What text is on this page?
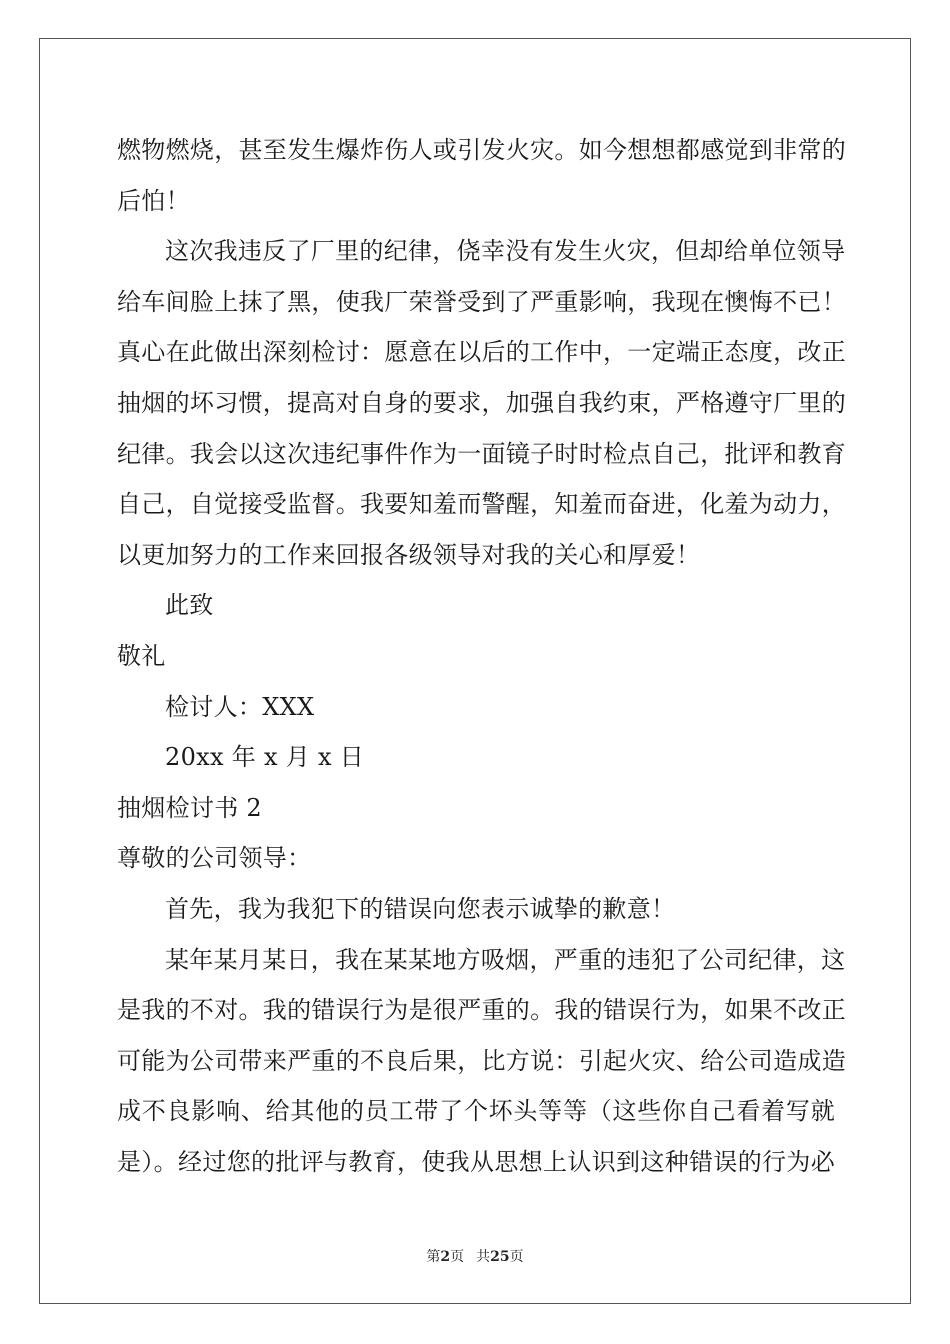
燃物燃烧，甚至发生爆炸伤人或引发火灾。如今想想都感觉到非常的
后怕！
这次我违反了厂里的纪律，侥幸没有发生火灾，但却给单位领导
给车间脸上抹了黑，使我厂荣誉受到了严重影响，我现在懊悔不已！
真心在此做出深刻检讨：愿意在以后的工作中，一定端正态度，改正
抽烟的坏习惯，提高对自身的要求，加强自我约束，严格遵守厂里的
纪律。我会以这次违纪事件作为一面镜子时时检点自己，批评和教育
自己，自觉接受监督。我要知羞而警醒，知羞而奋进，化羞为动力，
以更加努力的工作来回报各级领导对我的关心和厚爱！
此致
敬礼
检讨人：XXX
20xx 年 x 月 x 日
抽烟检讨书 2
尊敬的公司领导：
首先，我为我犯下的错误向您表示诚挚的歉意！
某年某月某日，我在某某地方吸烟，严重的违犯了公司纪律，这
是我的不对。我的错误行为是很严重的。我的错误行为，如果不改正
可能为公司带来严重的不良后果，比方说：引起火灾、给公司造成造
成不良影响、给其他的员工带了个坏头等等（这些你自己看着写就
是）。经过您的批评与教育，使我从思想上认识到这种错误的行为必
第2页 共25页
